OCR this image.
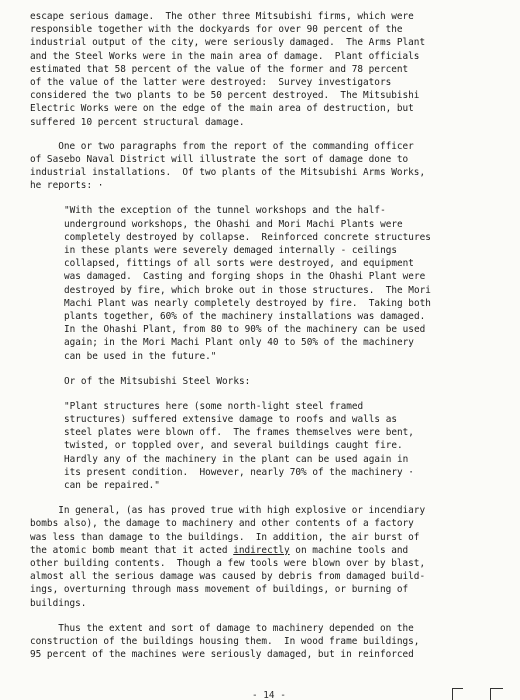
escape serious damage.  The other three Mitsubishi firms, which were
responsible together with the dockyards for over 90 percent of the
industrial output of the city, were seriously damaged.  The Arms Plant
and the Steel Works were in the main area of damage.  Plant officials
estimated that 58 percent of the value of the former and 78 percent
of the value of the latter were destroyed:  Survey investigators
considered the two plants to be 50 percent destroyed.  The Mitsubishi
Electric Works were on the edge of the main area of destruction, but
suffered 10 percent structural damage.
One or two paragraphs from the report of the commanding officer
of Sasebo Naval District will illustrate the sort of damage done to
industrial installations.  Of two plants of the Mitsubishi Arms Works,
he reports: ·
"With the exception of the tunnel workshops and the half-
underground workshops, the Ohashi and Mori Machi Plants were
completely destroyed by collapse.  Reinforced concrete structures
in these plants were severely demaged internally - ceilings
collapsed, fittings of all sorts were destroyed, and equipment
was damaged.  Casting and forging shops in the Ohashi Plant were
destroyed by fire, which broke out in those structures.  The Mori
Machi Plant was nearly completely destroyed by fire.  Taking both
plants together, 60% of the machinery installations was damaged.
In the Ohashi Plant, from 80 to 90% of the machinery can be used
again; in the Mori Machi Plant only 40 to 50% of the machinery
can be used in the future."
Or of the Mitsubishi Steel Works:
"Plant structures here (some north-light steel framed
structures) suffered extensive damage to roofs and walls as
steel plates were blown off.  The frames themselves were bent,
twisted, or toppled over, and several buildings caught fire.
Hardly any of the machinery in the plant can be used again in
its present condition.  However, nearly 70% of the machinery ·
can be repaired."
In general, (as has proved true with high explosive or incendiary
bombs also), the damage to machinery and other contents of a factory
was less than damage to the buildings.  In addition, the air burst of
the atomic bomb meant that it acted indirectly on machine tools and
other building contents.  Though a few tools were blown over by blast,
almost all the serious damage was caused by debris from damaged build-
ings, overturning through mass movement of buildings, or burning of
buildings.
Thus the extent and sort of damage to machinery depended on the
construction of the buildings housing them.  In wood frame buildings,
95 percent of the machines were seriously damaged, but in reinforced
- 14 -
